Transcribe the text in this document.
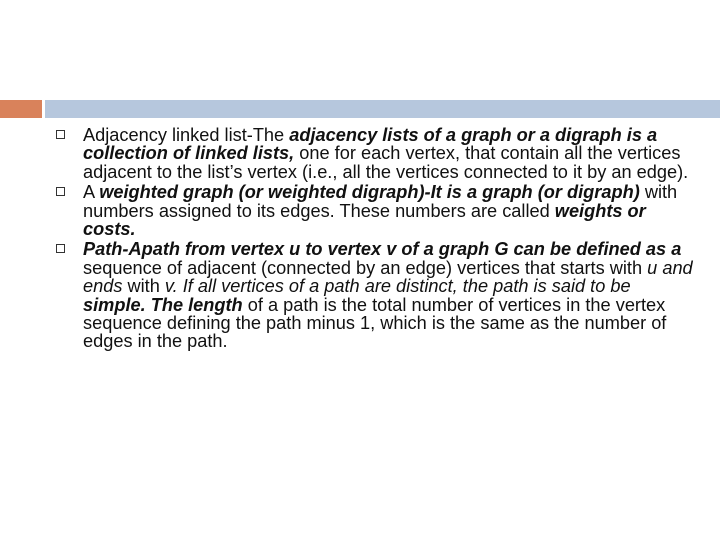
Adjacency linked list-The adjacency lists of a graph or a digraph is a collection of linked lists, one for each vertex, that contain all the vertices adjacent to the list’s vertex (i.e., all the vertices connected to it by an edge).
A weighted graph (or weighted digraph)-It is a graph (or digraph) with numbers assigned to its edges. These numbers are called weights or costs.
Path-Apath from vertex u to vertex v of a graph G can be defined as a sequence of adjacent (connected by an edge) vertices that starts with u and ends with v. If all vertices of a path are distinct, the path is said to be simple. The length of a path is the total number of vertices in the vertex sequence defining the path minus 1, which is the same as the number of edges in the path.
